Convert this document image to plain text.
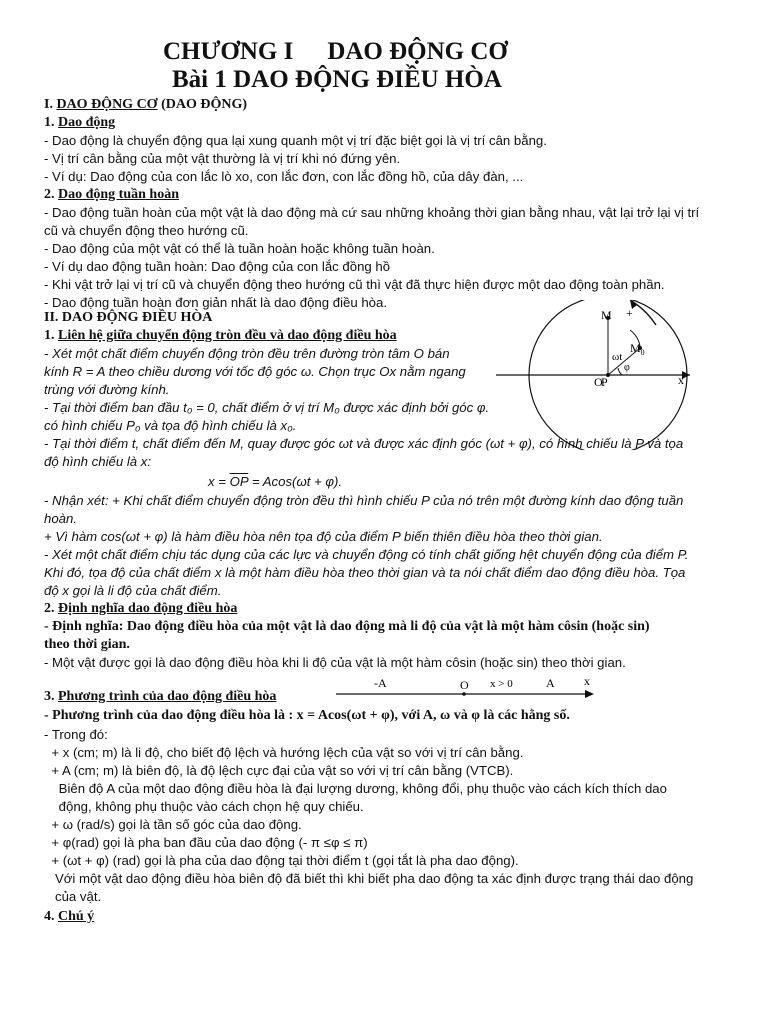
CHƯƠNG I DAO ĐỘNG CƠ
Bài 1 DAO ĐỘNG ĐIỀU HÒA
I. DAO ĐỘNG CƠ (DAO ĐỘNG)
1. Dao động
- Dao động là chuyển động qua lại xung quanh một vị trí đặc biệt gọi là vị trí cân bằng.
- Vị trí cân bằng của một vật thường là vị trí khi nó đứng yên.
- Ví dụ: Dao động của con lắc lò xo, con lắc đơn, con lắc đồng hồ, của dây đàn, ...
2. Dao động tuần hoàn
- Dao động tuần hoàn của một vật là dao động mà cứ sau những khoảng thời gian bằng nhau, vật lại trở lại vị trí
cũ và chuyển động theo hướng cũ.
- Dao động của một vật có thể là tuần hoàn hoặc không tuần hoàn.
- Ví dụ dao động tuần hoàn: Dao động của con lắc đồng hồ
- Khi vật trở lại vị trí cũ và chuyển động theo hướng cũ thì vật đã thực hiện được một dao động toàn phần.
- Dao động tuần hoàn đơn giản nhất là dao động điều hòa.
II. DAO ĐỘNG ĐIỀU HÒA
1. Liên hệ giữa chuyển động tròn đều và dao động điều hòa
- Xét một chất điểm chuyển động tròn đều trên đường tròn tâm O bán
kính R = A theo chiều dương với tốc độ góc ω. Chọn trục Ox nằm ngang
trùng với đường kính.
- Tại thời điểm ban đầu t₀ = 0, chất điểm ở vị trí M₀ được xác định bởi góc φ.
có hình chiếu P₀ và tọa độ hình chiếu là x₀.
- Tại thời điểm t, chất điểm đến M, quay được góc ωt và được xác định góc (ωt + φ), có hình chiếu là P và tọa
độ hình chiếu là x:
$x = \overline{OP} = Acos(\omega t + \varphi)$.
- Nhận xét: + Khi chất điểm chuyển động tròn đều thì hình chiếu P của nó trên một đường kính dao động tuần
hoàn.
+ Vì hàm cos(ωt + φ) là hàm điều hòa nên tọa độ của điểm P biến thiên điều hòa theo thời gian.
- Xét một chất điểm chịu tác dụng của các lực và chuyển động có tính chất giống hệt chuyển động của điểm P.
Khi đó, tọa độ của chất điểm x là một hàm điều hòa theo thời gian và ta nói chất điểm dao động điều hòa. Tọa
độ x gọi là li độ của chất điểm.
2. Định nghĩa dao động điều hòa
- Định nghĩa: Dao động điều hòa của một vật là dao động mà li độ của vật là một hàm côsin (hoặc sin)
theo thời gian.
- Một vật được gọi là dao động điều hòa khi li độ của vật là một hàm côsin (hoặc sin) theo thời gian.
3. Phương trình của dao động điều hòa
- Phương trình của dao động điều hòa là : x = Acos(ωt + φ), với A, ω và φ là các hằng số.
- Trong đó:
+ x (cm; m) là li độ, cho biết độ lệch và hướng lệch của vật so với vị trí cân bằng.
+ A (cm; m) là biên độ, là độ lệch cực đại của vật so với vị trí cân bằng (VTCB).
Biên độ A của một dao động điều hòa là đại lượng dương, không đổi, phụ thuộc vào cách kích thích dao
động, không phụ thuộc vào cách chọn hệ quy chiếu.
+ ω (rad/s) gọi là tần số góc của dao động.
+ φ(rad) gọi là pha ban đầu của dao động (- π ≤φ ≤ π)
+ (ωt + φ) (rad) gọi là pha của dao động tại thời điểm t (gọi tắt là pha dao động).
Với một vật dao động điều hòa biên độ đã biết thì khi biết pha dao động ta xác định được trạng thái dao động
của vật.
4. Chú ý
M +
$M_0$
ωt
φ
O
P	x
-A	O x > 0	A x
